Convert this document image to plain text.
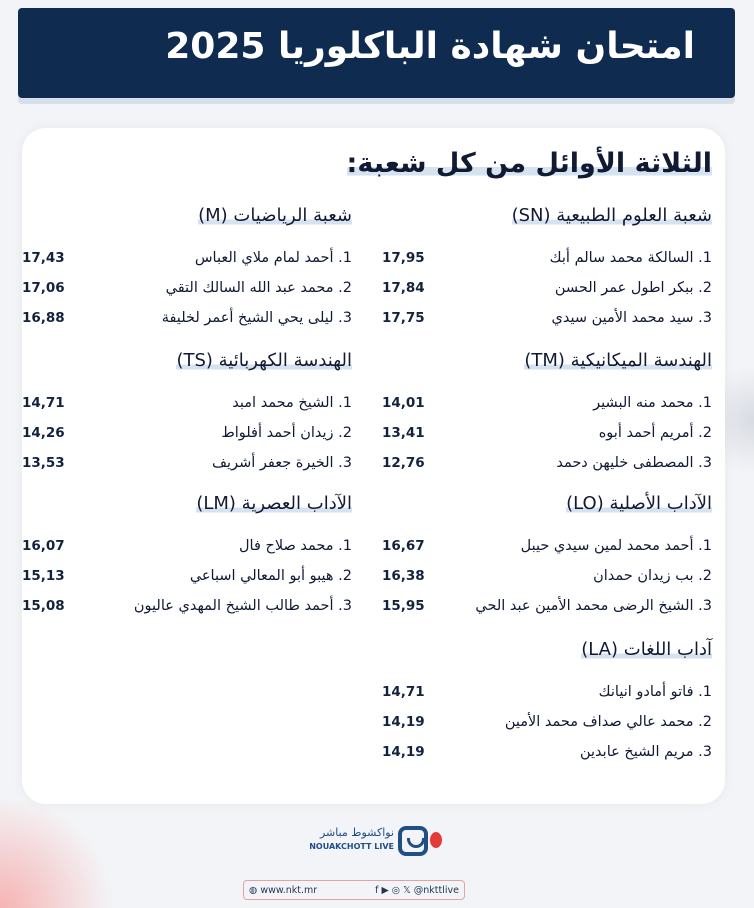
امتحان شهادة الباكلوريا 2025
الثلاثة الأوائل من كل شعبة:
شعبة العلوم الطبيعية (SN)
1. السالكة محمد سالم أبك
17,95
2. ببكر اطول عمر الحسن
17,84
3. سيد محمد الأمين سيدي
17,75
شعبة الرياضيات (M)
1. أحمد لمام ملاي العباس
17,43
2. محمد عبد الله السالك التقي
17,06
3. ليلى يحي الشيخ أعمر لخليفة
16,88
الهندسة الميكانيكية (TM)
1. محمد منه البشير
14,01
2. أمريم أحمد أبوه
13,41
3. المصطفى خليهن دحمد
12,76
الهندسة الكهربائية (TS)
1. الشيخ محمد امبد
14,71
2. زيدان أحمد أفلواط
14,26
3. الخيرة جعفر أشريف
13,53
الآداب الأصلية (LO)
1. أحمد محمد لمين سيدي حيبل
16,67
2. بب زيدان حمدان
16,38
3. الشيخ الرضى محمد الأمين عبد الحي
15,95
الآداب العصرية (LM)
1. محمد صلاح فال
16,07
2. هيبو أبو المعالي اسباعي
15,13
3. أحمد طالب الشيخ المهدي عاليون
15,08
آداب اللغات (LA)
1. فاتو أمادو انيانك
14,71
2. محمد عالي صداف محمد الأمين
14,19
3. مريم الشيخ عابدين
14,19
نواكشوط مباشر
NOUAKCHOTT LIVE
◍ www.nkt.mr	f ▶ ◎ 𝕏 @nkttlive
